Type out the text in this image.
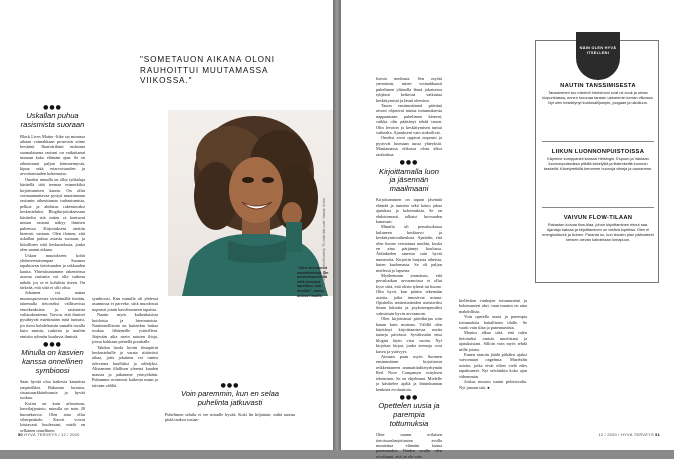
●●●
Uskallan puhua rasismista suoraan

Black Lives Matter -liike sai minussa aikaan voimakkaan prosessin viime keväänä. Ihonväriltäni ruskeana suomalaisena rasismi on vaikuttanut minuun koko elämäni ajan. Se on aiheuttanut paljon hämmennystä, kipua sekä eriarvoisuuden ja arvottomuuden kokemusta.

Omeksi minulla on ollut työkaluja käsitellä tätä teemaa esimerkiksi kirjoittamisen kautta. On ollut voimaannuttavaa pystyä muuttamaan rasismin aiheuttamaa turhautumista, pelkoa ja ahdistus rakentavaksi keskusteluksi. Blogikirjoituksessani käsittelin sitä miten ra kentuvat minun rasismi näkyy ihmisen puheessa. Kirjoitukseni otettiin hienosti vastaan. Olen iloinen, että uskallan puhua asiasta suoraan, ja kiitollinen siitä keskustelusta, jonka olen saanut aikaan.

Uskon muutokseen kohti yhdenvertaisempaa Suomea tapahtuvan tietoisuuden ja rakkauden kautta. Yhteiskuntamme rakenteissa asuvaa rasismia voi olla vaikeaa nähdä, jos se ei kohdistu itseen. On tärkeää, että siitä ei silti olisa.

Jokainen voi auttaa muutosprosessia sivistämällä itseään, tukemalla tietoiseksi vallitsevista etuoikeuksista ja rasismista valtarakenteena. Toivon, että ihmiset pysähtyvät miettimään mitä tuntuisi, jos itsesi kohdeltaisiin samalla tavalla kuin muista, ruskeita ja muihin etnisiin ryhmiin kuuluvia ihmisiä.

●●●
Minulla on kasvien kanssa onnellinen symbioosi

Saan hyvää oloa kaikesta kauniista ympärilläni. Rakastan luontoa, sisustusarkkitehtuuria ja hyvää ruokaa.

Kotini on kuin arboretum, kasvilajiputoto, minulla on noin 20 huonekasvia. Olen aina ollut viherpeukalo. Kasvit voivat loistavasti huolessani, mielä on sellainen onnellinen

"SOMETAUON AIKANA OLONI RAUHOITTUI MUUTAMASSA VIIKOSSA."
"Olen innostunut neurotieteistä. On motivoivaa tietää mitä aivoissa tapahtuu, kun meditoi", sanoo Amina Khalifa. Viivat marmorissa: Lieko/Ikimetsä, "Ei enää tätä uutta" Naakat; Alusta

symbioosi. Kun minulla oli yhdessä asunnossa ei parveke, siitä muodostui nopeasti jotain kasvihuoneen tapaista.

Naatin myös kaikenlaisista hoidoista ja hieronnoista. Nautinnollisinta on kuitenkin lattiaa ruokaa lähteneille ystävilleni. Järjestän aika usein naisten iltoja, joissa kokkaan pienellä porukalle.

Tahdon luoda hyvän ilmapiirin keskusteluille ja varata riittävästi aikaa, jotta jokainen voi tuntea tulevansa kuulluksi ja nähdyksi. Alistamme illallisen yleensä kauden mausta ja jatkamme yömyöhään. Puhumme avoimesti kaikesta maan ja taivaan väliltä.	●●●
Voin paremmin, kun en selaa puhelinta jatkuvasti

Puhelimen selailu ei tee minulle hyvää. Koki lin hiljattain, miltä tuntuu pitää taukoa sosiaa-

50 HYVÄ TERVEYS / 12 / 2020

lisesta mediasta. Sen myötä ymmärsin, miten voimakkaasti puhelimen ylätaolla läsnä jokaisessa tyhjässä hetkessä vaikuttaa keskittymistä ja läsnä olemista.

Tauon ensimmäisenä päivänä aivoni ohjasivat minua tottumuksesta nappaamaan puhelimen käteeni, vaikka olin päättänyt tehdä tauon. Olin levoton ja keskittymisen tuntui vaikealta. Ajatukseni vain sinkoilivat.

Omeksi aivot oppivat nopeasti ja pystyvät luomaan uusia yhteyksiä. Muutamassa viikossa oloni alkoi rauhoittua.

●●●
Kirjoittamalla luon ja jäsennän maailmaani

Kirjoittaminen on tapani jäsentää elämää ja tuntetta sekä keino jakaa ajatuksia ja kokemuksia. Se on ehdottomasti talkaisi luovuuden kanavani.

Minulla oli perusluokassa kuluneen keskiarvo ja keskittymisvaikeuksia. Ajattelin, että olen huono verrattuna muihin, koska en aina pärjännyt koulussa. Äidinkielen aineista sain hyviä numeroita. Kirjoitin hurjasta aiheista, kuten kuolemasta. Se oli paljon mielessä jo lapsena.

Myöhemmin ymmärsin, että perusluokan arvosanoissa ei ollut kyse siitä, että olisin tyhmä tai huono. Olin hyvä, kun pääsin tekemään asioita, jotka innostivat minua. Opiskelin teatteritaiteiden maisteriksi ilman lukioita ja psykoterapeutiksi valmistuin hyvin arvosanoin.

Olen kirjoittanut päiväkirjaa niin kauan kuin muistan. Välillä olen käyttänyt kirjoittamisessa useita tunteja päivässä. Syvätissään ensa blogini täytti vissi vuotta. Nyt kirjoitan kirjaa, jonka teemoja ovat kasvu ja ystävyys.

Aiotaan paan myös Suomen ensimmäisen kirjoittavat reikkentaneen ammattitulitetyrhymän Red Nose Companyn esityksen tekemisen. Se on ohjelmani. Mielelle ja käsittelee ajaltä ja ihminkunnan henkistä evoluutiota.

●●●
Opettelen uusia ja parempia tottumuksia

Olen saanut erilaisen tietoisuusharjoitusten avulla muutettua elämäni laatua paremmaksi. Näiden avulla olen oivaltanut, että on ole vain

kiellettien vanhojen tottumusteni ja kokemustesi uhri, vaan muutos on aina mahdollista.

Voin opetella uusia ja parempia tottumuksia haitallisten tilalle. Se vaatii vain tilaa ja paneutumista.

Muutos alkaa siitä, että tulen tietoiseksi omista tunteistani ja ajatuksistani. Silloin voin myös tehdä niille jotain.

Ennen saatoin jäädä pitkäksi ajaksi vatvomaan ongelmia. Murehdin asioita, jotka eivät olleet vielä edes tapahtuneet. Nyt selviänkin koko ajan vähemmän.

Joskus muutos tuntui pelottavalta. Nyt janoan sitä. ●

NÄIN OLEN HYVÄ ITSELLENI
NAUTIN TANSSIMISESTA
Tanssiminen tuo mieleni! Intohimoni ovat rsi zouk ja urban kizpuristassa, ennen koronaa tanssin useammin kerran viikossa. Nyt olen keskittynyt kuntosaliljumpin, joogaan ja ulkoiluun.
LIIKUN LUONNONPUISTOISSA
Käymme kumppanini kanssa Helsingin, Espoon ja Vantaan luonnonpuistoissa pitkillä kävelyillä ja iltalenkeillä luonnon keskellä. Kävelyretkillä keromme huonoja vitseja ja nauramme.
VAIVUN FLOW-TILAAN
Rakastan luovaa flow-tilaa, johon kirjoittaminen minut saa. Ajantaju katoaa ja kirjoittaminen on vetävä lopettaa. Olen ei energisoitunut ja iloinen. Paranta on, kun teuden pian päävaiseni kenken olevan kahdeksan lomapuun.
12 / 2020 / HYVÄ TERVEYS 51
